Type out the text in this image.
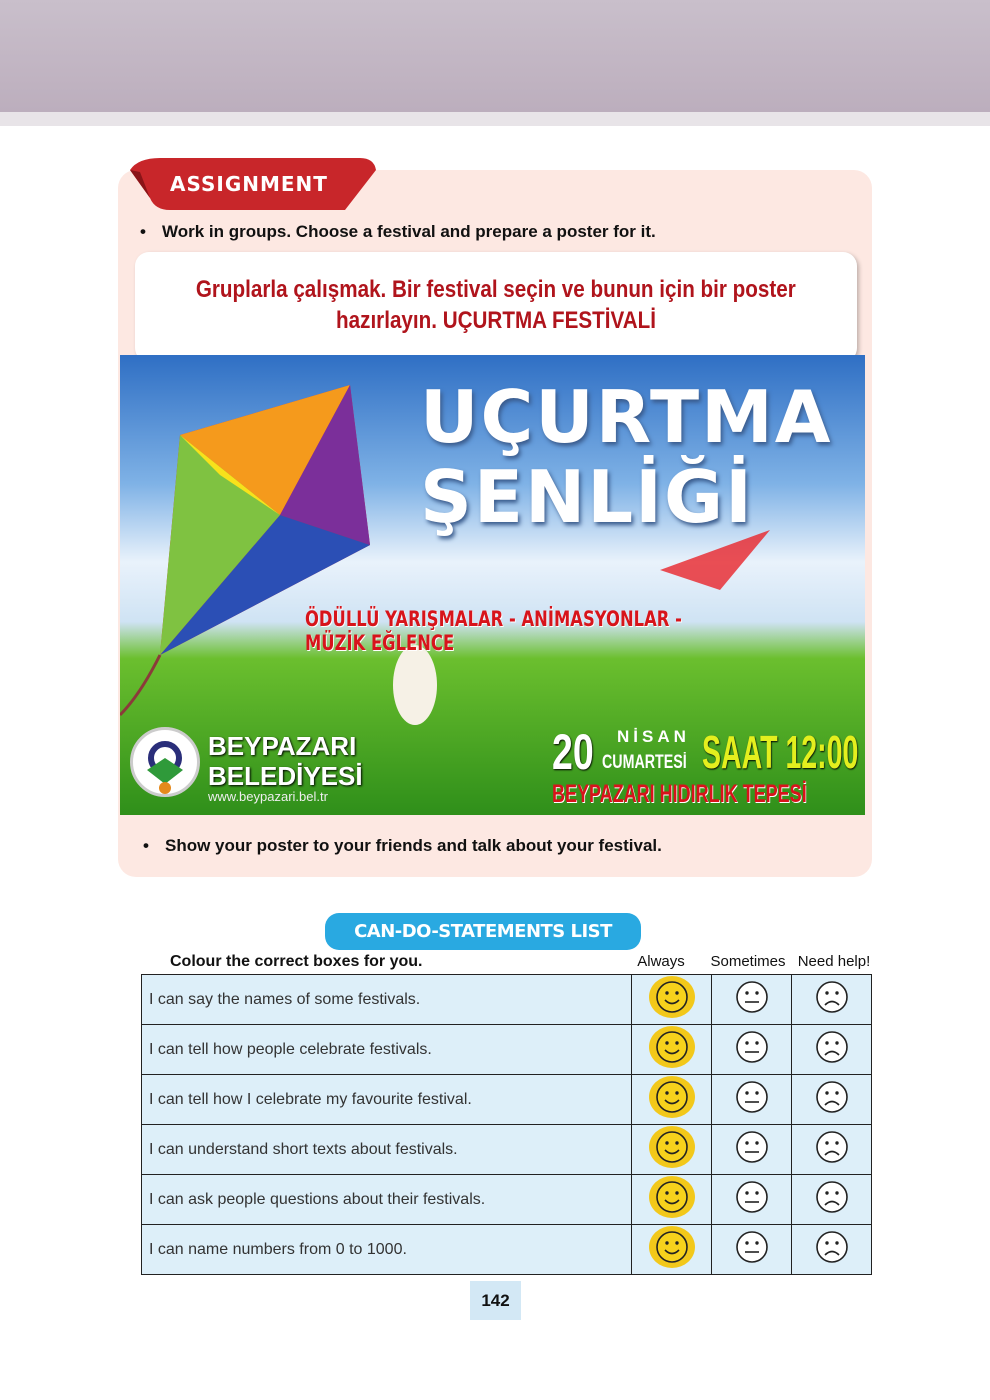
ASSIGNMENT
• Work in groups. Choose a festival and prepare a poster for it.
Gruplarla çalışmak. Bir festival seçin ve bunun için bir poster
hazırlayın. UÇURTMA FESTİVALİ
UÇURTMA
ŞENLİĞİ
ÖDÜLLÜ YARIŞMALAR - ANİMASYONLAR - MÜZİK EĞLENCE
BEYPAZARI
BELEDİYESİ
www.beypazari.bel.tr
20 NİSAN
CUMARTESİ SAAT 12:00
BEYPAZARI HIDIRLIK TEPESİ
• Show your poster to your friends and talk about your festival.
CAN-DO-STATEMENTS LIST
Colour the correct boxes for you.	Always	Sometimes Need help!
I can say the names of some festivals.			
I can tell how people celebrate festivals.			
I can tell how I celebrate my favourite festival.			
I can understand short texts about festivals.			
I can ask people questions about their festivals.			
I can name numbers from 0 to 1000.			
142
